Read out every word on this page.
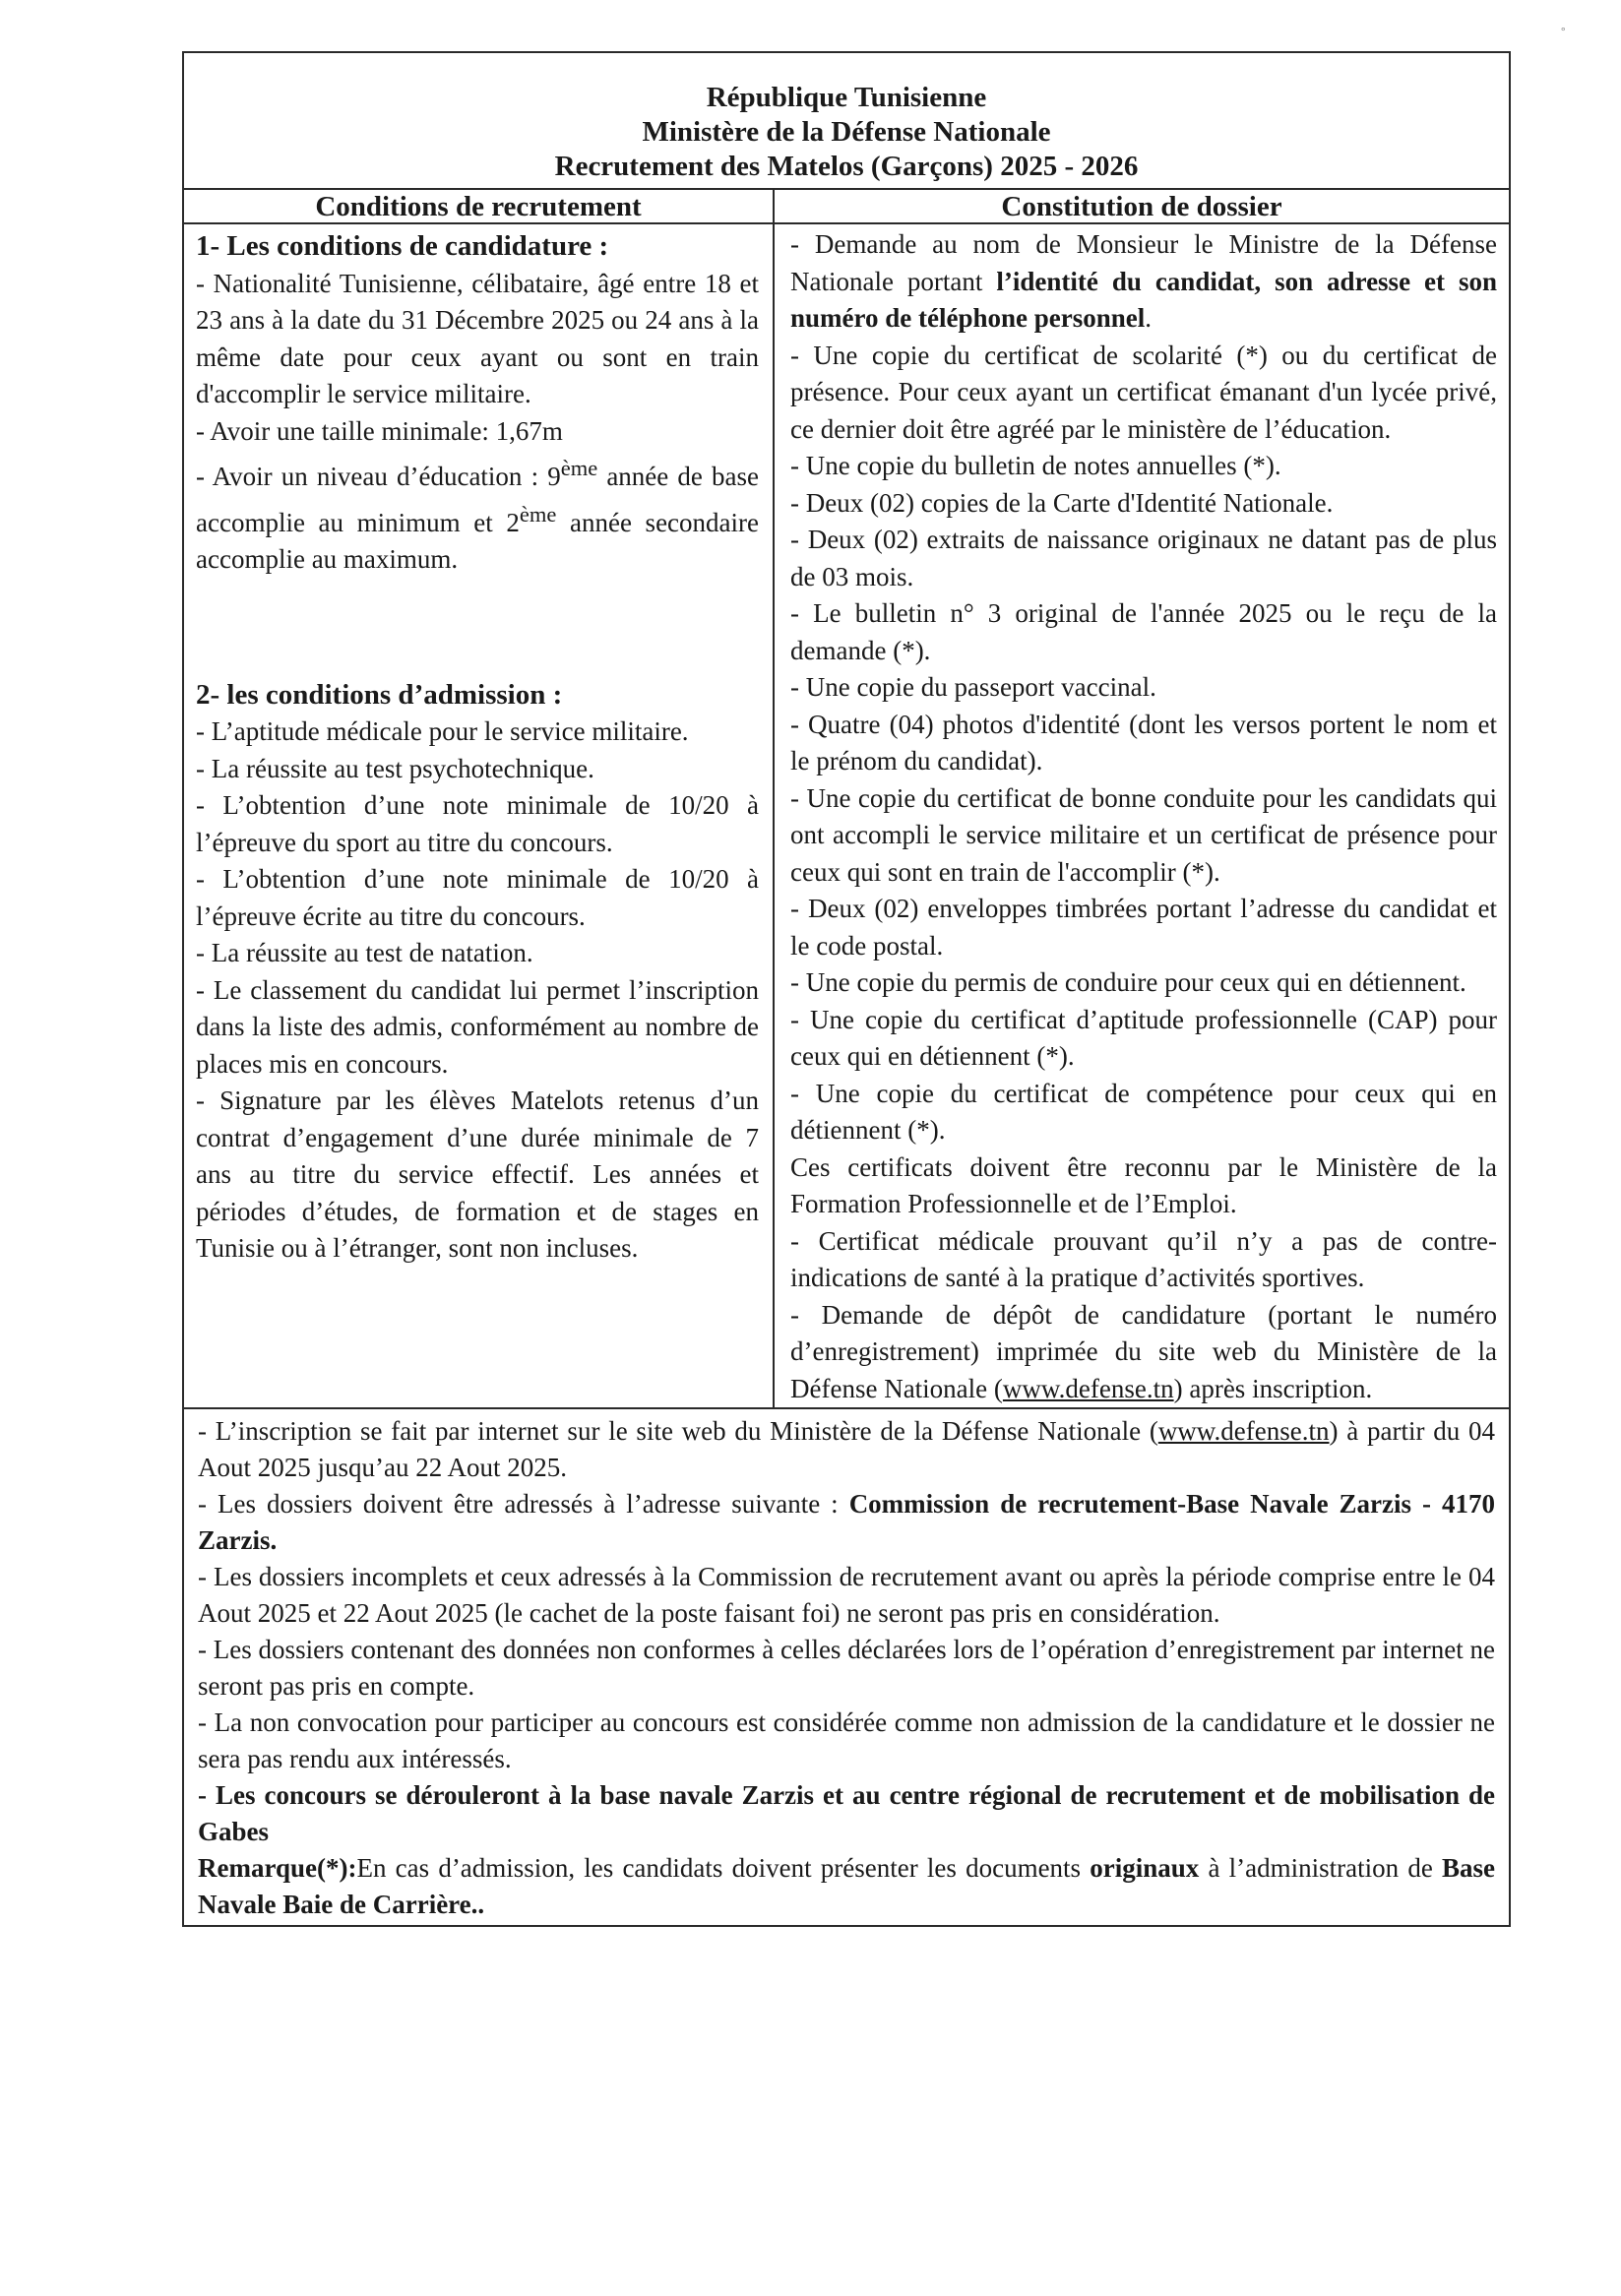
°
République Tunisienne
Ministère de la Défense Nationale
Recrutement des Matelos (Garçons) 2025 - 2026
Conditions de recrutement
1- Les conditions de candidature :

- Nationalité Tunisienne, célibataire, âgé entre 18 et 23 ans à la date du 31 Décembre 2025 ou 24 ans à la même date pour ceux ayant ou sont en train d'accomplir le service militaire.

- Avoir une taille minimale: 1,67m

- Avoir un niveau d’éducation : 9ème année de base accomplie au minimum et 2ème année secondaire accomplie au maximum.

2- les conditions d’admission :

- L’aptitude médicale pour le service militaire.

- La réussite au test psychotechnique.

- L’obtention d’une note minimale de 10/20 à l’épreuve du sport au titre du concours.

- L’obtention d’une note minimale de 10/20 à l’épreuve écrite au titre du concours.

- La réussite au test de natation.

- Le classement du candidat lui permet l’inscription dans la liste des admis, conformément au nombre de places mis en concours.

- Signature par les élèves Matelots retenus d’un contrat d’engagement d’une durée minimale de 7 ans au titre du service effectif. Les années et périodes d’études, de formation et de stages en Tunisie ou à l’étranger, sont non incluses.

Constitution de dossier

- Demande au nom de Monsieur le Ministre de la Défense Nationale portant l’identité du candidat, son adresse et son numéro de téléphone personnel.

- Une copie du certificat de scolarité (*) ou du certificat de présence. Pour ceux ayant un certificat émanant d'un lycée privé, ce dernier doit être agréé par le ministère de l’éducation.

- Une copie du bulletin de notes annuelles (*).

- Deux (02) copies de la Carte d'Identité Nationale.

- Deux (02) extraits de naissance originaux ne datant pas de plus de 03 mois.

- Le bulletin n° 3 original de l'année 2025 ou le reçu de la demande (*).

- Une copie du passeport vaccinal.

- Quatre (04) photos d'identité (dont les versos portent le nom et le prénom du candidat).

- Une copie du certificat de bonne conduite pour les candidats qui ont accompli le service militaire et un certificat de présence pour ceux qui sont en train de l'accomplir (*).

- Deux (02) enveloppes timbrées portant l’adresse du candidat et le code postal.

- Une copie du permis de conduire pour ceux qui en détiennent.

- Une copie du certificat d’aptitude professionnelle (CAP) pour ceux qui en détiennent (*).

- Une copie du certificat de compétence pour ceux qui en détiennent (*).

Ces certificats doivent être reconnu par le Ministère de la Formation Professionnelle et de l’Emploi.

- Certificat médicale prouvant qu’il n’y a pas de contre-indications de santé à la pratique d’activités sportives.

- Demande de dépôt de candidature (portant le numéro d’enregistrement) imprimée du site web du Ministère de la Défense Nationale (www.defense.tn) après inscription.

- L’inscription se fait par internet sur le site web du Ministère de la Défense Nationale (www.defense.tn) à partir du 04 Aout 2025 jusqu’au 22 Aout 2025.

- Les dossiers doivent être adressés à l’adresse suivante : Commission de recrutement-Base Navale Zarzis - 4170 Zarzis.

- Les dossiers incomplets et ceux adressés à la Commission de recrutement avant ou après la période comprise entre le 04 Aout 2025 et 22 Aout 2025 (le cachet de la poste faisant foi) ne seront pas pris en considération.

- Les dossiers contenant des données non conformes à celles déclarées lors de l’opération d’enregistrement par internet ne seront pas pris en compte.

- La non convocation pour participer au concours est considérée comme non admission de la candidature et le dossier ne sera pas rendu aux intéressés.

- Les concours se dérouleront à la base navale Zarzis et au centre régional de recrutement et de mobilisation de Gabes

Remarque(*):En cas d’admission, les candidats doivent présenter les documents originaux à l’administration de Base Navale Baie de Carrière..
